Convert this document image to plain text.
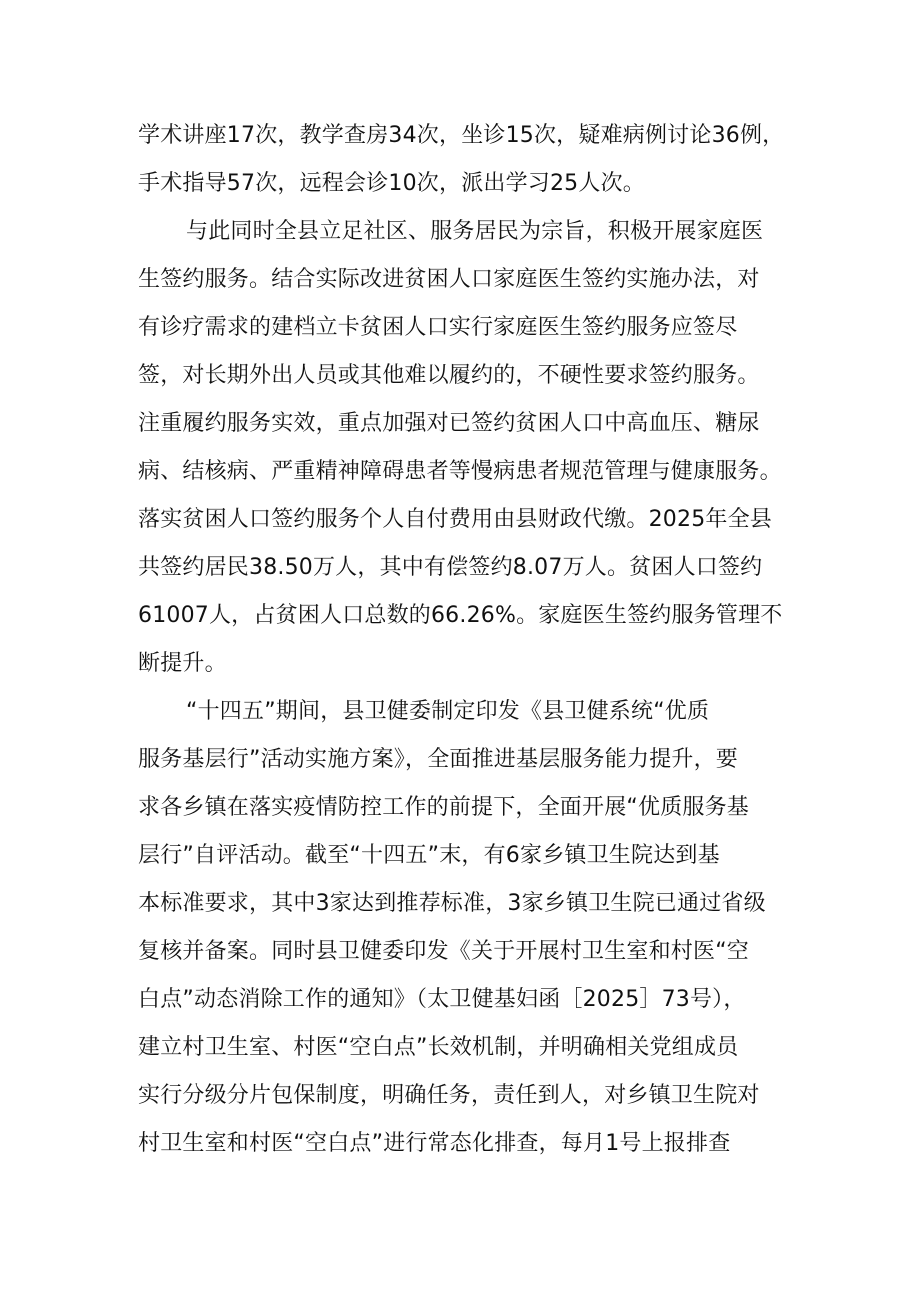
学术讲座17次，教学查房34次，坐诊15次，疑难病例讨论36例，
手术指导57次，远程会诊10次，派出学习25人次。
与此同时全县立足社区、服务居民为宗旨，积极开展家庭医
生签约服务。结合实际改进贫困人口家庭医生签约实施办法，对
有诊疗需求的建档立卡贫困人口实行家庭医生签约服务应签尽
签，对长期外出人员或其他难以履约的，不硬性要求签约服务。
注重履约服务实效，重点加强对已签约贫困人口中高血压、糖尿
病、结核病、严重精神障碍患者等慢病患者规范管理与健康服务。
落实贫困人口签约服务个人自付费用由县财政代缴。2025年全县
共签约居民38.50万人，其中有偿签约8.07万人。贫困人口签约
61007人，占贫困人口总数的66.26%。家庭医生签约服务管理不
断提升。
“十四五”期间，县卫健委制定印发《县卫健系统“优质
服务基层行”活动实施方案》，全面推进基层服务能力提升，要
求各乡镇在落实疫情防控工作的前提下，全面开展“优质服务基
层行”自评活动。截至“十四五”末，有6家乡镇卫生院达到基
本标准要求，其中3家达到推荐标准，3家乡镇卫生院已通过省级
复核并备案。同时县卫健委印发《关于开展村卫生室和村医“空
白点”动态消除工作的通知》（太卫健基妇函［2025］73号），
建立村卫生室、村医“空白点”长效机制，并明确相关党组成员
实行分级分片包保制度，明确任务，责任到人，对乡镇卫生院对
村卫生室和村医“空白点”进行常态化排查，每月1号上报排查
